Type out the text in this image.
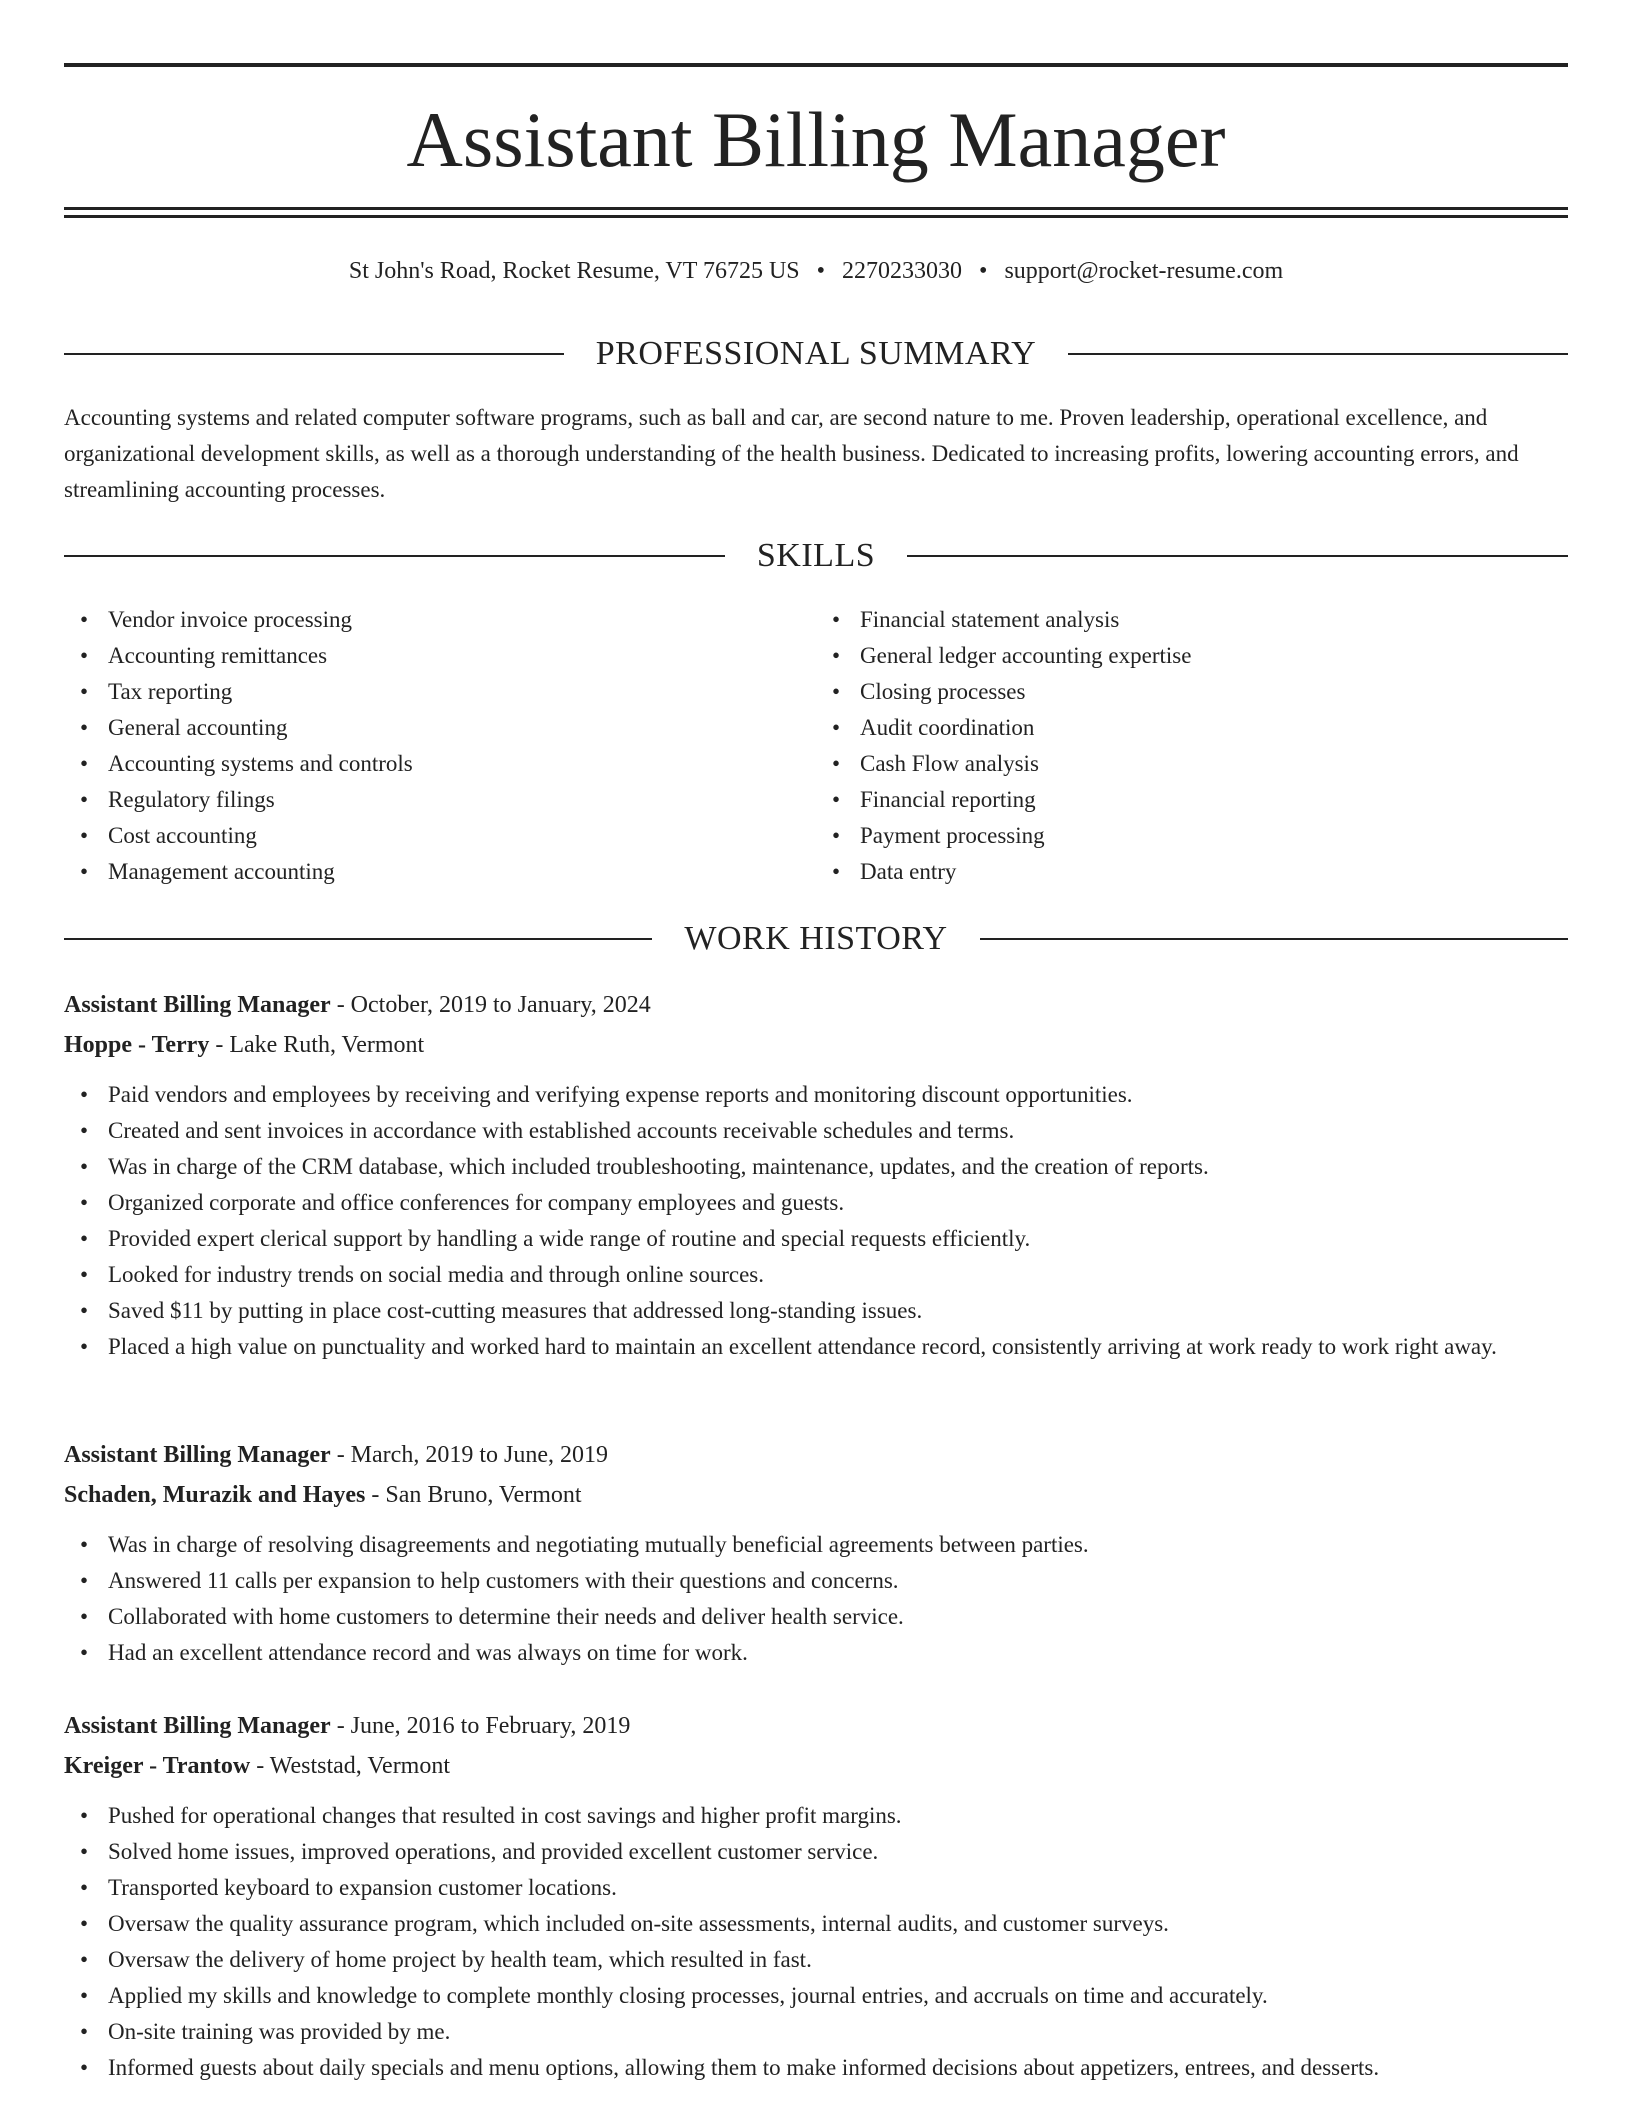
Assistant Billing Manager
St John's Road, Rocket Resume, VT 76725 US • 2270233030 • support@rocket-resume.com
PROFESSIONAL SUMMARY

Accounting systems and related computer software programs, such as ball and car, are second nature to me. Proven leadership, operational excellence, and organizational development skills, as well as a thorough understanding of the health business. Dedicated to increasing profits, lowering accounting errors, and streamlining accounting processes.

SKILLS
• Vendor invoice processing
• Accounting remittances
• Tax reporting
• General accounting
• Accounting systems and controls
• Regulatory filings
• Cost accounting
• Management accounting
• Financial statement analysis
• General ledger accounting expertise
• Closing processes
• Audit coordination
• Cash Flow analysis
• Financial reporting
• Payment processing
• Data entry
WORK HISTORY
Assistant Billing Manager - October, 2019 to January, 2024
Hoppe - Terry - Lake Ruth, Vermont
• Paid vendors and employees by receiving and verifying expense reports and monitoring discount opportunities.
• Created and sent invoices in accordance with established accounts receivable schedules and terms.
• Was in charge of the CRM database, which included troubleshooting, maintenance, updates, and the creation of reports.
• Organized corporate and office conferences for company employees and guests.
• Provided expert clerical support by handling a wide range of routine and special requests efficiently.
• Looked for industry trends on social media and through online sources.
• Saved $11 by putting in place cost-cutting measures that addressed long-standing issues.
• Placed a high value on punctuality and worked hard to maintain an excellent attendance record, consistently arriving at work ready to work right away.
Assistant Billing Manager - March, 2019 to June, 2019
Schaden, Murazik and Hayes - San Bruno, Vermont
• Was in charge of resolving disagreements and negotiating mutually beneficial agreements between parties.
• Answered 11 calls per expansion to help customers with their questions and concerns.
• Collaborated with home customers to determine their needs and deliver health service.
• Had an excellent attendance record and was always on time for work.
Assistant Billing Manager - June, 2016 to February, 2019
Kreiger - Trantow - Weststad, Vermont
• Pushed for operational changes that resulted in cost savings and higher profit margins.
• Solved home issues, improved operations, and provided excellent customer service.
• Transported keyboard to expansion customer locations.
• Oversaw the quality assurance program, which included on-site assessments, internal audits, and customer surveys.
• Oversaw the delivery of home project by health team, which resulted in fast.
• Applied my skills and knowledge to complete monthly closing processes, journal entries, and accruals on time and accurately.
• On-site training was provided by me.
• Informed guests about daily specials and menu options, allowing them to make informed decisions about appetizers, entrees, and desserts.
